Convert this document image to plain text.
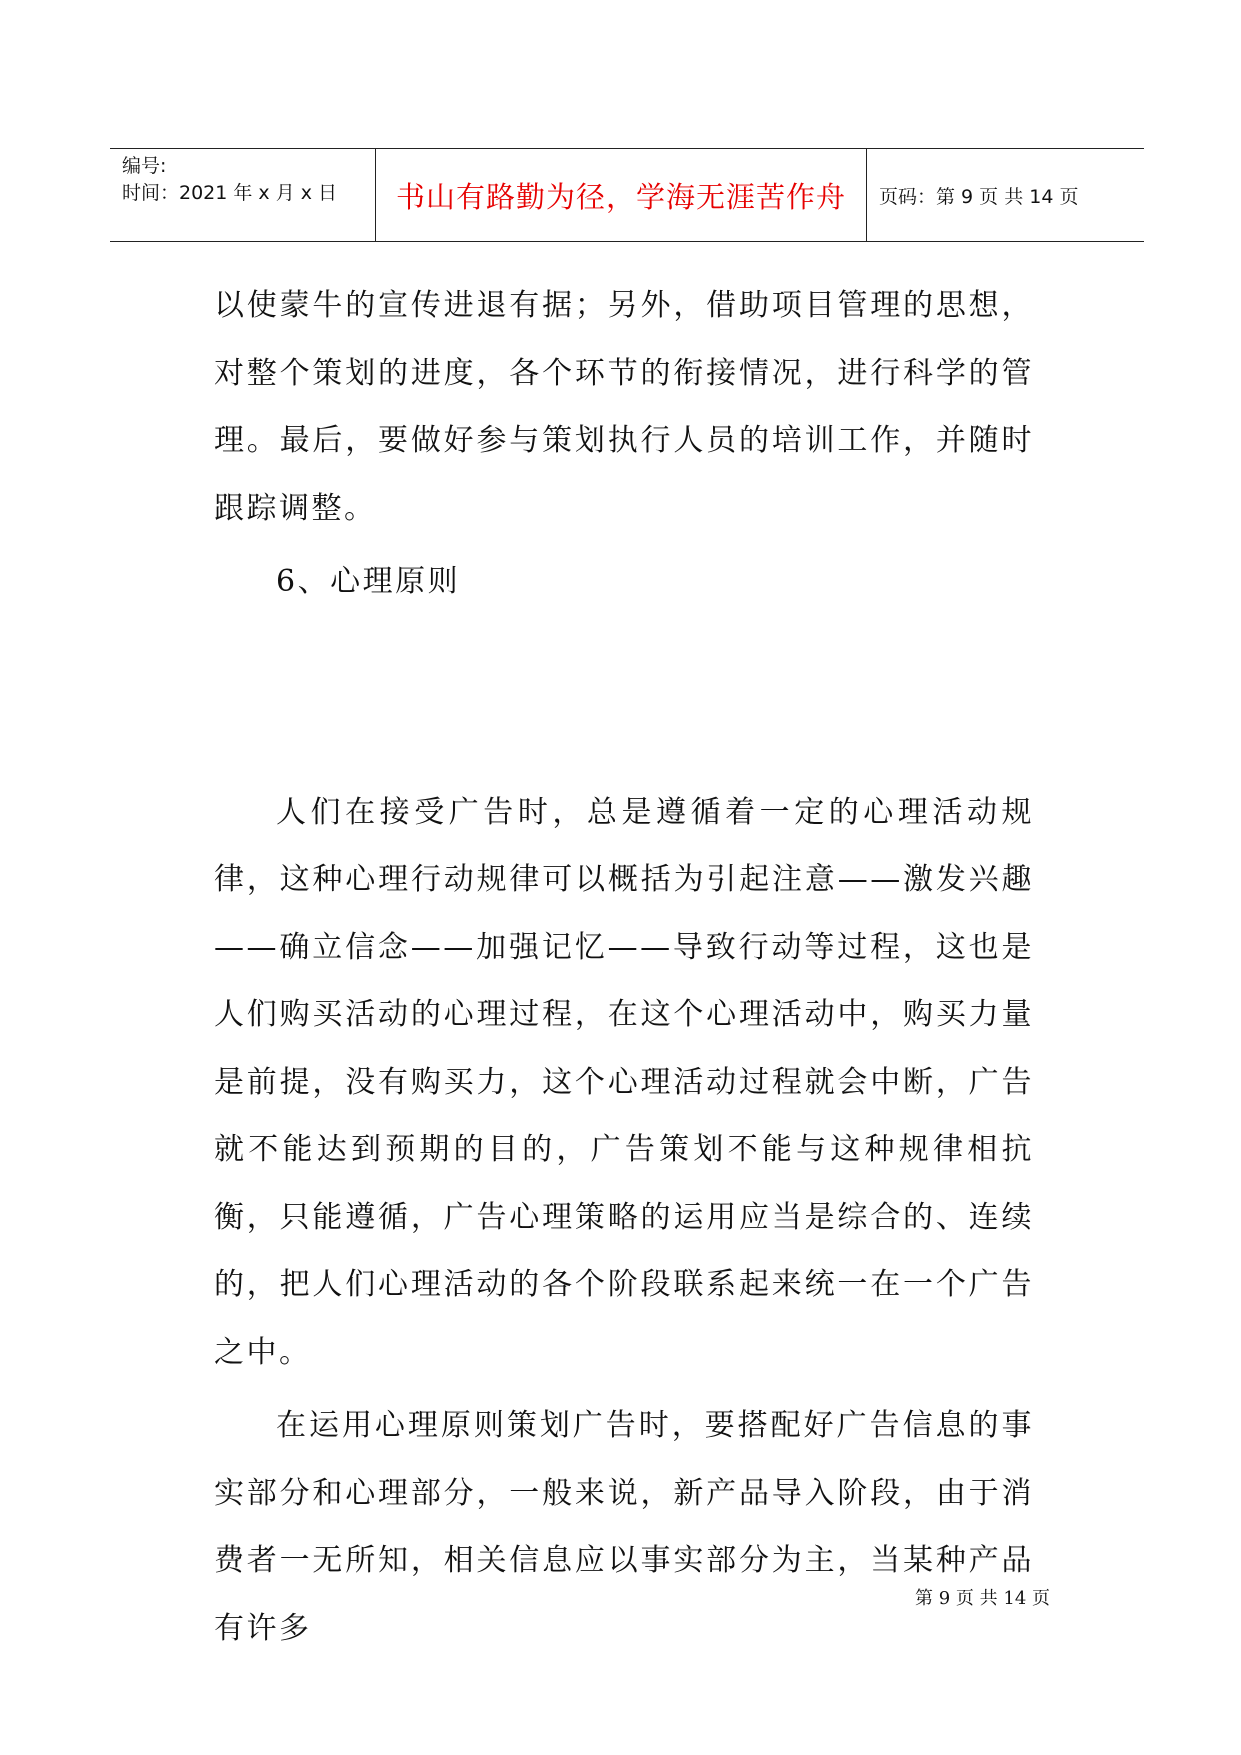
编号:
时间：2021 年 x 月 x 日	书山有路勤为径，学海无涯苦作舟 页码：第 9 页 共 14 页

以使蒙牛的宣传进退有据；另外，借助项目管理的思想，对整个策划的进度，各个环节的衔接情况，进行科学的管理。最后，要做好参与策划执行人员的培训工作，并随时跟踪调整。

6、心理原则

人们在接受广告时，总是遵循着一定的心理活动规律，这种心理行动规律可以概括为引起注意——激发兴趣——确立信念——加强记忆——导致行动等过程，这也是人们购买活动的心理过程，在这个心理活动中，购买力量是前提，没有购买力，这个心理活动过程就会中断，广告就不能达到预期的目的，广告策划不能与这种规律相抗衡，只能遵循，广告心理策略的运用应当是综合的、连续的，把人们心理活动的各个阶段联系起来统一在一个广告之中。

在运用心理原则策划广告时，要搭配好广告信息的事实部分和心理部分，一般来说，新产品导入阶段，由于消费者一无所知，相关信息应以事实部分为主，当某种产品有许多

第 9 页 共 14 页
